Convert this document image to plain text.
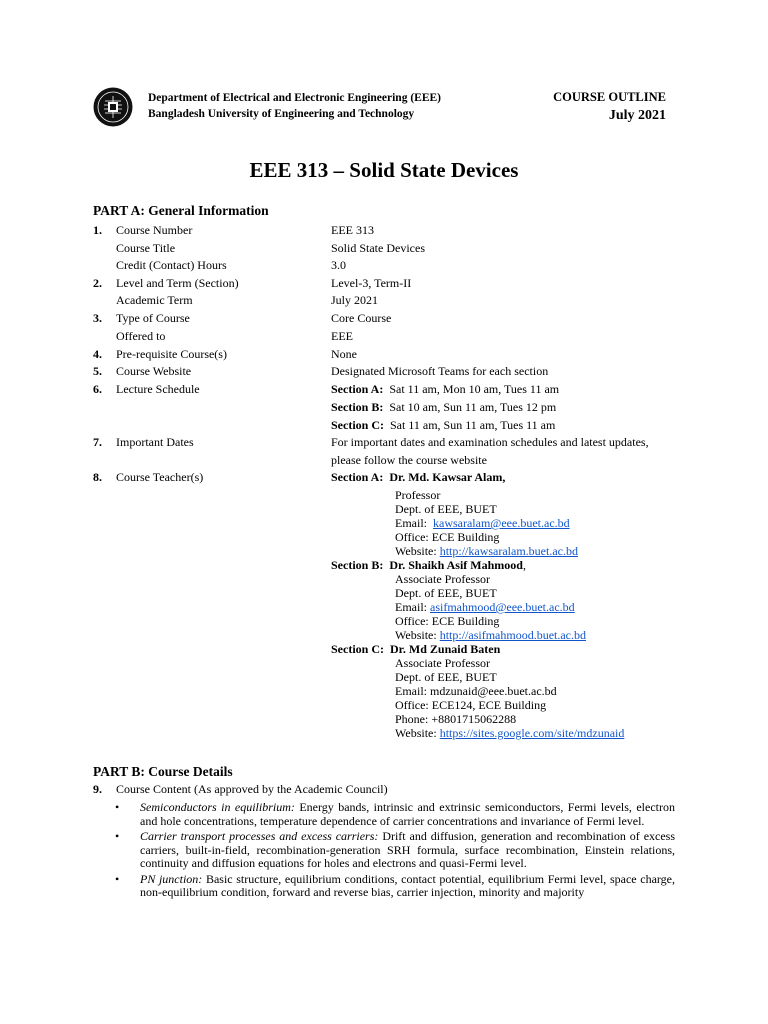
Department of Electrical and Electronic Engineering (EEE)
Bangladesh University of Engineering and Technology
COURSE OUTLINE
July 2021
EEE 313 – Solid State Devices
PART A: General Information
1. Course Number	EEE 313
Course Title	Solid State Devices
Credit (Contact) Hours	3.0
2. Level and Term (Section)	Level-3, Term-II
Academic Term	July 2021
3. Type of Course	Core Course
Offered to	EEE
4. Pre-requisite Course(s)	None
5. Course Website	Designated Microsoft Teams for each section
6. Lecture Schedule	Section A: Sat 11 am, Mon 10 am, Tues 11 am
Section B: Sat 10 am, Sun 11 am, Tues 12 pm
Section C: Sat 11 am, Sun 11 am, Tues 11 am
7. Important Dates	For important dates and examination schedules and latest updates,
please follow the course website
8. Course Teacher(s)	Section A: Dr. Md. Kawsar Alam,
Professor
Dept. of EEE, BUET
Email: kawsaralam@eee.buet.ac.bd
Office: ECE Building
Website: http://kawsaralam.buet.ac.bd
Section B: Dr. Shaikh Asif Mahmood,
Associate Professor
Dept. of EEE, BUET
Email: asifmahmood@eee.buet.ac.bd
Office: ECE Building
Website: http://asifmahmood.buet.ac.bd
Section C: Dr. Md Zunaid Baten
Associate Professor
Dept. of EEE, BUET
Email: mdzunaid@eee.buet.ac.bd
Office: ECE124, ECE Building
Phone: +8801715062288
Website: https://sites.google.com/site/mdzunaid
PART B: Course Details
9. Course Content (As approved by the Academic Council)
• Semiconductors in equilibrium: Energy bands, intrinsic and extrinsic semiconductors, Fermi levels, electron and hole concentrations, temperature dependence of carrier concentrations and invariance of Fermi level.
• Carrier transport processes and excess carriers: Drift and diffusion, generation and recombination of excess carriers, built-in-field, recombination-generation SRH formula, surface recombination, Einstein relations, continuity and diffusion equations for holes and electrons and quasi-Fermi level.
• PN junction: Basic structure, equilibrium conditions, contact potential, equilibrium Fermi level, space charge, non-equilibrium condition, forward and reverse bias, carrier injection, minority and majority
